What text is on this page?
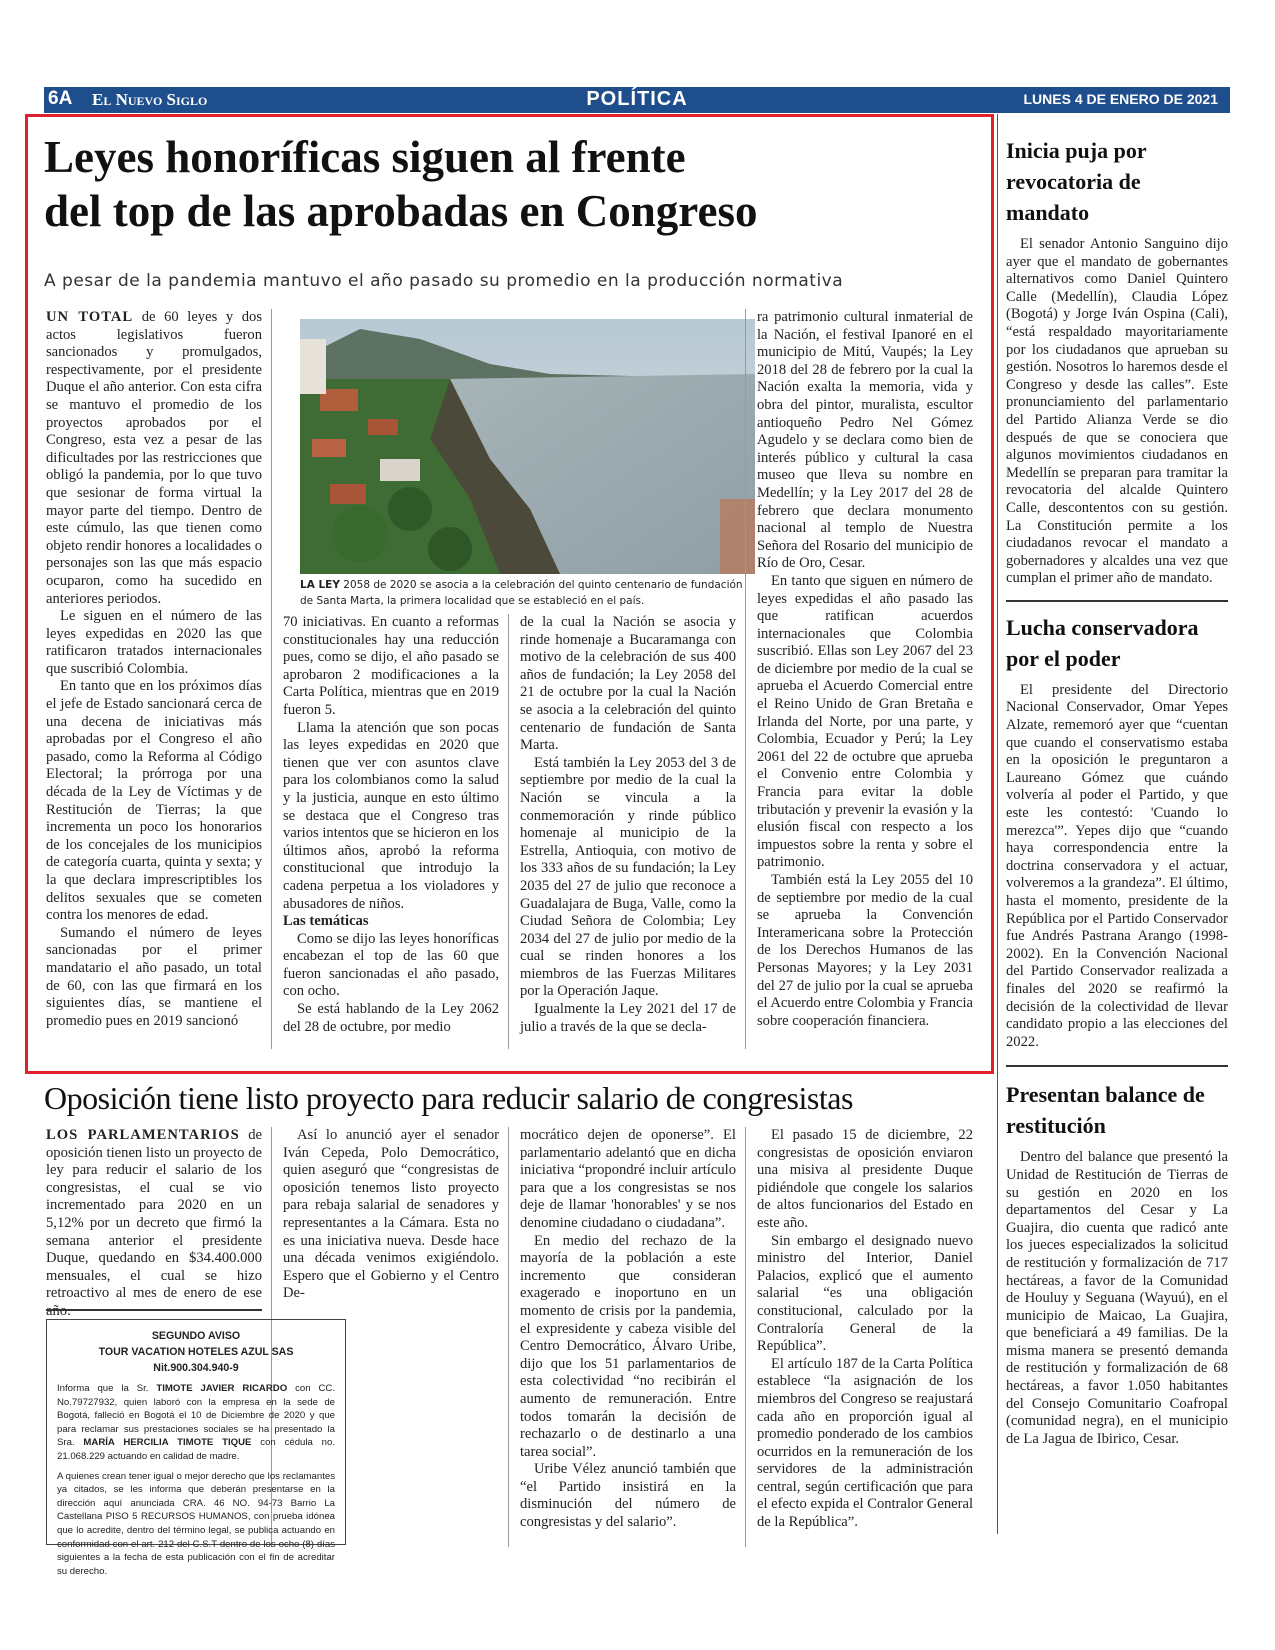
6A El Nuevo Siglo	POLÍTICA	LUNES 4 DE ENERO DE 2021
Leyes honoríficas siguen al frente
del top de las aprobadas en Congreso
A pesar de la pandemia mantuvo el año pasado su promedio en la producción normativa

UN TOTAL de 60 leyes y dos actos legislativos fueron sancionados y promulgados, respectivamente, por el presidente Duque el año anterior. Con esta cifra se mantuvo el promedio de los proyectos aprobados por el Congreso, esta vez a pesar de las dificultades por las restricciones que obligó la pandemia, por lo que tuvo que sesionar de forma virtual la mayor parte del tiempo. Dentro de este cúmulo, las que tienen como objeto rendir honores a localidades o personajes son las que más espacio ocuparon, como ha sucedido en anteriores periodos.

Le siguen en el número de las leyes expedidas en 2020 las que ratificaron tratados internacionales que suscribió Colombia.

En tanto que en los próximos días el jefe de Estado sancionará cerca de una decena de iniciativas más aprobadas por el Congreso el año pasado, como la Reforma al Código Electoral; la prórroga por una década de la Ley de Víctimas y de Restitución de Tierras; la que incrementa un poco los honorarios de los concejales de los municipios de categoría cuarta, quinta y sexta; y la que declara imprescriptibles los delitos sexuales que se cometen contra los menores de edad.

Sumando el número de leyes sancionadas por el primer mandatario el año pasado, un total de 60, con las que firmará en los siguientes días, se mantiene el promedio pues en 2019 sancionó

LA LEY 2058 de 2020 se asocia a la celebración del quinto centenario de fundación de Santa Marta, la primera localidad que se estableció en el país.

70 iniciativas. En cuanto a reformas constitucionales hay una reducción pues, como se dijo, el año pasado se aprobaron 2 modificaciones a la Carta Política, mientras que en 2019 fueron 5.

Llama la atención que son pocas las leyes expedidas en 2020 que tienen que ver con asuntos clave para los colombianos como la salud y la justicia, aunque en esto último se destaca que el Congreso tras varios intentos que se hicieron en los últimos años, aprobó la reforma constitucional que introdujo la cadena perpetua a los violadores y abusadores de niños.

Las temáticas

Como se dijo las leyes honoríficas encabezan el top de las 60 que fueron sancionadas el año pasado, con ocho.

Se está hablando de la Ley 2062 del 28 de octubre, por medio

de la cual la Nación se asocia y rinde homenaje a Bucaramanga con motivo de la celebración de sus 400 años de fundación; la Ley 2058 del 21 de octubre por la cual la Nación se asocia a la celebración del quinto centenario de fundación de Santa Marta.

Está también la Ley 2053 del 3 de septiembre por medio de la cual la Nación se vincula a la conmemoración y rinde público homenaje al municipio de la Estrella, Antioquia, con motivo de los 333 años de su fundación; la Ley 2035 del 27 de julio que reconoce a Guadalajara de Buga, Valle, como la Ciudad Señora de Colombia; Ley 2034 del 27 de julio por medio de la cual se rinden honores a los miembros de las Fuerzas Militares por la Operación Jaque.

Igualmente la Ley 2021 del 17 de julio a través de la que se decla-

ra patrimonio cultural inmaterial de la Nación, el festival Ipanoré en el municipio de Mitú, Vaupés; la Ley 2018 del 28 de febrero por la cual la Nación exalta la memoria, vida y obra del pintor, muralista, escultor antioqueño Pedro Nel Gómez Agudelo y se declara como bien de interés público y cultural la casa museo que lleva su nombre en Medellín; y la Ley 2017 del 28 de febrero que declara monumento nacional al templo de Nuestra Señora del Rosario del municipio de Río de Oro, Cesar.

En tanto que siguen en número de leyes expedidas el año pasado las que ratifican acuerdos internacionales que Colombia suscribió. Ellas son Ley 2067 del 23 de diciembre por medio de la cual se aprueba el Acuerdo Comercial entre el Reino Unido de Gran Bretaña e Irlanda del Norte, por una parte, y Colombia, Ecuador y Perú; la Ley 2061 del 22 de octubre que aprueba el Convenio entre Colombia y Francia para evitar la doble tributación y prevenir la evasión y la elusión fiscal con respecto a los impuestos sobre la renta y sobre el patrimonio.

También está la Ley 2055 del 10 de septiembre por medio de la cual se aprueba la Convención Interamericana sobre la Protección de los Derechos Humanos de las Personas Mayores; y la Ley 2031 del 27 de julio por la cual se aprueba el Acuerdo entre Colombia y Francia sobre cooperación financiera.

Oposición tiene listo proyecto para reducir salario de congresistas

LOS PARLAMENTARIOS de oposición tienen listo un proyecto de ley para reducir el salario de los congresistas, el cual se vio incrementado para 2020 en un 5,12% por un decreto que firmó la semana anterior el presidente Duque, quedando en $34.400.000 mensuales, el cual se hizo retroactivo al mes de enero de ese

Así lo anunció ayer el senador Iván Cepeda, Polo Democrático, quien aseguró que “congresistas de oposición tenemos listo proyecto para rebaja salarial de senadores y representantes a la Cámara. Esta no es una iniciativa nueva. Desde hace una década venimos exigiéndolo. Espero que el Gobierno y el Centro De-

mocrático dejen de oponerse”. El parlamentario adelantó que en dicha iniciativa “propondré incluir artículo para que a los congresistas se nos deje de llamar 'honorables' y se nos denomine ciudadano o ciudadana”.

En medio del rechazo de la mayoría de la población a este incremento que consideran exagerado e inoportuno en un momento de crisis por la pandemia, el expresidente y cabeza visible del Centro Democrático, Álvaro Uribe, dijo que los 51 parlamentarios de esta colectividad “no recibirán el aumento de remuneración. Entre todos tomarán la decisión de rechazarlo o de destinarlo a una tarea social”.

Uribe Vélez anunció también que “el Partido insistirá en la disminución del número de congresistas y del salario”.

El pasado 15 de diciembre, 22 congresistas de oposición enviaron una misiva al presidente Duque pidiéndole que congele los salarios de altos funcionarios del Estado en este año.

Sin embargo el designado nuevo ministro del Interior, Daniel Palacios, explicó que el aumento salarial “es una obligación constitucional, calculado por la Contraloría General de la República”.

El artículo 187 de la Carta Política establece “la asignación de los miembros del Congreso se reajustará cada año en proporción igual al promedio ponderado de los cambios ocurridos en la remuneración de los servidores de la administración central, según certificación que para el efecto expida el Contralor General de la República”.

SEGUNDO AVISO
TOUR VACATION HOTELES AZUL SAS
Nit.900.304.940-9

Informa que la Sr. TIMOTE JAVIER RICARDO con CC. No.79727932, quien laboró con la empresa en la sede de Bogotá, falleció en Bogotá el 10 de Diciembre de 2020 y que para reclamar sus prestaciones sociales se ha presentado la Sra. MARÍA HERCILIA TIMOTE TIQUE con cédula no. 21.068.229 actuando en calidad de madre.

A quienes crean tener igual o mejor derecho que los reclamantes ya citados, se les informa que deberán presentarse en la dirección aquí anunciada CRA. 46 NO. 94-73 Barrio La Castellana PISO 5 RECURSOS HUMANOS, con prueba idónea que lo acredite, dentro del término legal, se publica actuando en conformidad con el art. 212 del C.S.T dentro de los ocho (8) días siguientes a la fecha de esta publicación con el fin de acreditar su derecho.

Inicia puja por revocatoria de mandato

El senador Antonio Sanguino dijo ayer que el mandato de gobernantes alternativos como Daniel Quintero Calle (Medellín), Claudia López (Bogotá) y Jorge Iván Ospina (Cali), “está respaldado mayoritariamente por los ciudadanos que aprueban su gestión. Nosotros lo haremos desde el Congreso y desde las calles”. Este pronunciamiento del parlamentario del Partido Alianza Verde se dio después de que se conociera que algunos movimientos ciudadanos en Medellín se preparan para tramitar la revocatoria del alcalde Quintero Calle, descontentos con su gestión. La Constitución permite a los ciudadanos revocar el mandato a gobernadores y alcaldes una vez que cumplan el primer año de mandato.

Lucha conservadora por el poder

El presidente del Directorio Nacional Conservador, Omar Yepes Alzate, rememoró ayer que “cuentan que cuando el conservatismo estaba en la oposición le preguntaron a Laureano Gómez que cuándo volvería al poder el Partido, y que este les contestó: 'Cuando lo merezca'”. Yepes dijo que “cuando haya correspondencia entre la doctrina conservadora y el actuar, volveremos a la grandeza”. El último, hasta el momento, presidente de la República por el Partido Conservador fue Andrés Pastrana Arango (1998-2002). En la Convención Nacional del Partido Conservador realizada a finales del 2020 se reafirmó la decisión de la colectividad de llevar candidato propio a las elecciones del 2022.

Presentan balance de restitución

Dentro del balance que presentó la Unidad de Restitución de Tierras de su gestión en 2020 en los departamentos del Cesar y La Guajira, dio cuenta que radicó ante los jueces especializados la solicitud de restitución y formalización de 717 hectáreas, a favor de la Comunidad de Houluy y Seguana (Wayuú), en el municipio de Maicao, La Guajira, que beneficiará a 49 familias. De la misma manera se presentó demanda de restitución y formalización de 68 hectáreas, a favor 1.050 habitantes del Consejo Comunitario Coafropal (comunidad negra), en el municipio de La Jagua de Ibirico, Cesar.
